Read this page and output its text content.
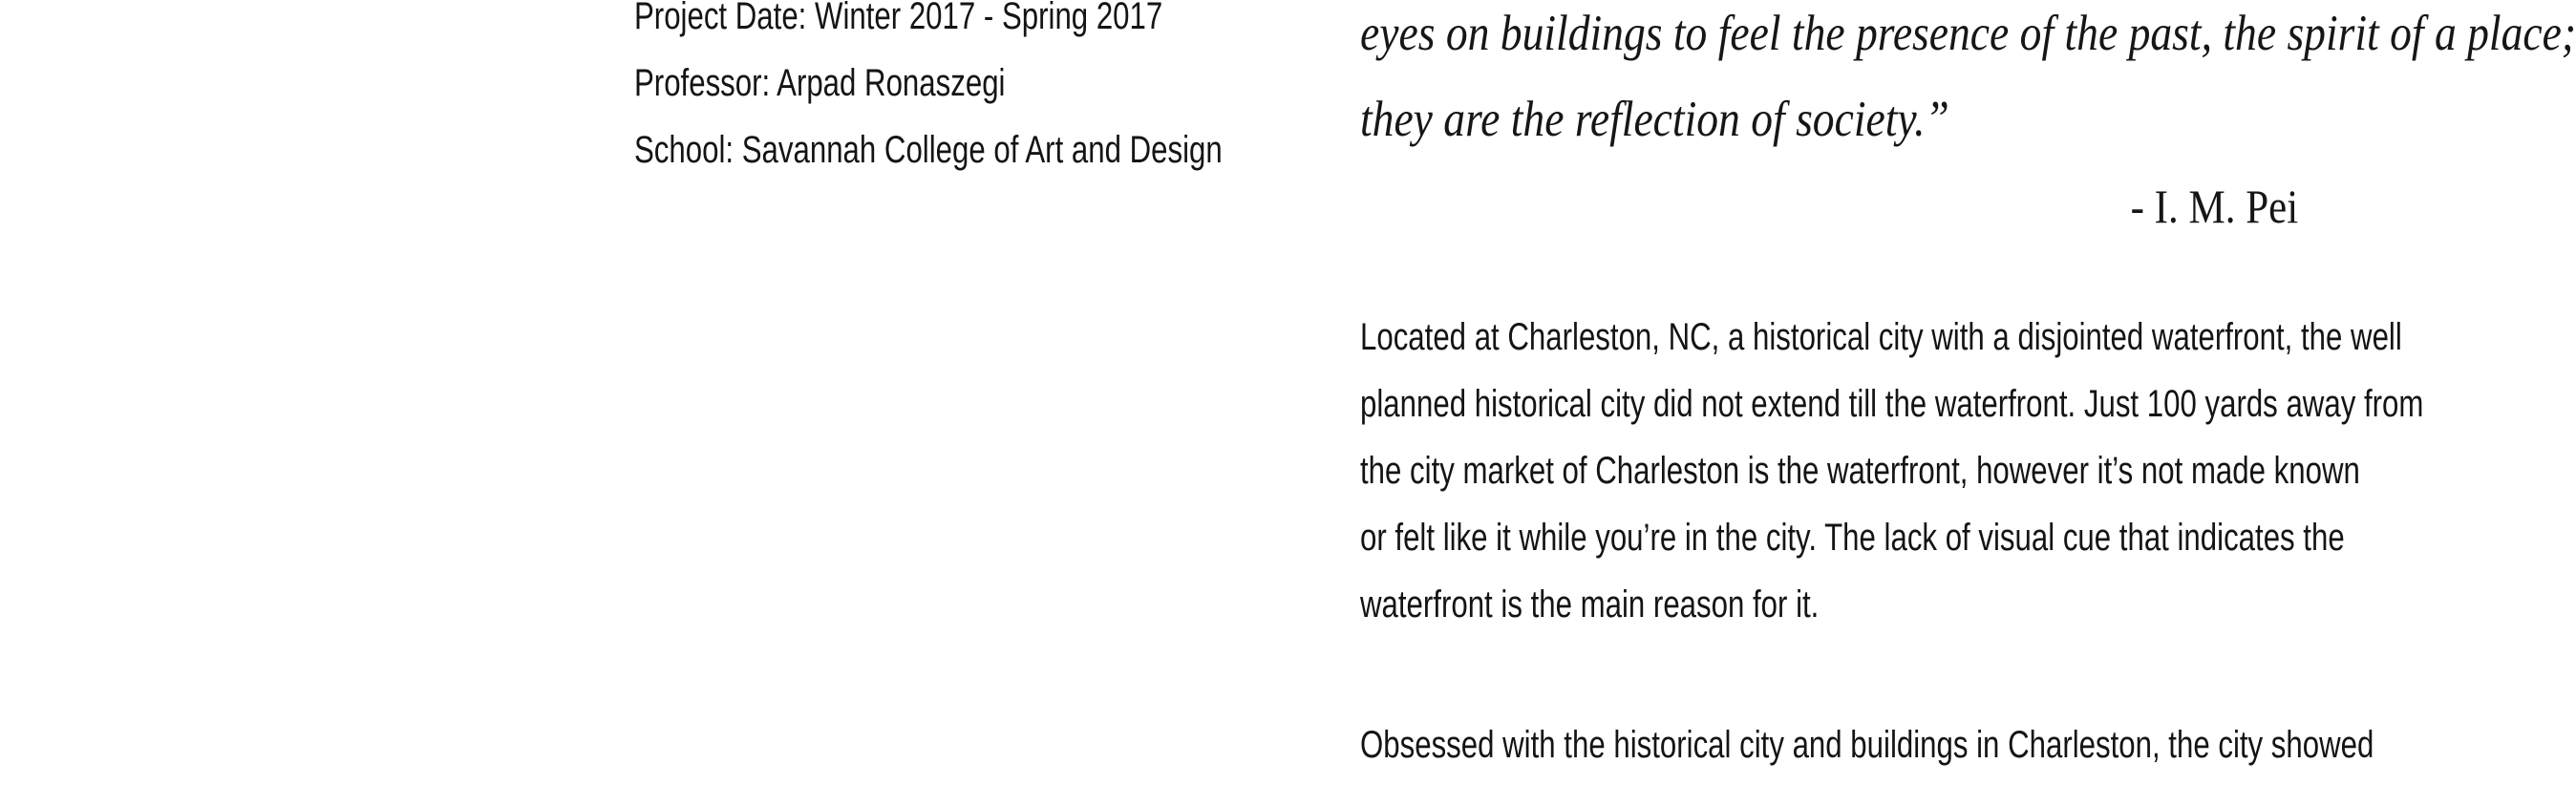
Project Date: Winter 2017 - Spring 2017
Professor: Arpad Ronaszegi
School: Savannah College of Art and Design
eyes on buildings to feel the presence of the past, the spirit of a place;
they are the reflection of society.”
- I. M. Pei
Located at Charleston, NC, a historical city with a disjointed waterfront, the well
planned historical city did not extend till the waterfront. Just 100 yards away from
the city market of Charleston is the waterfront, however it’s not made known
or felt like it while you’re in the city. The lack of visual cue that indicates the
waterfront is the main reason for it.
Obsessed with the historical city and buildings in Charleston, the city showed
